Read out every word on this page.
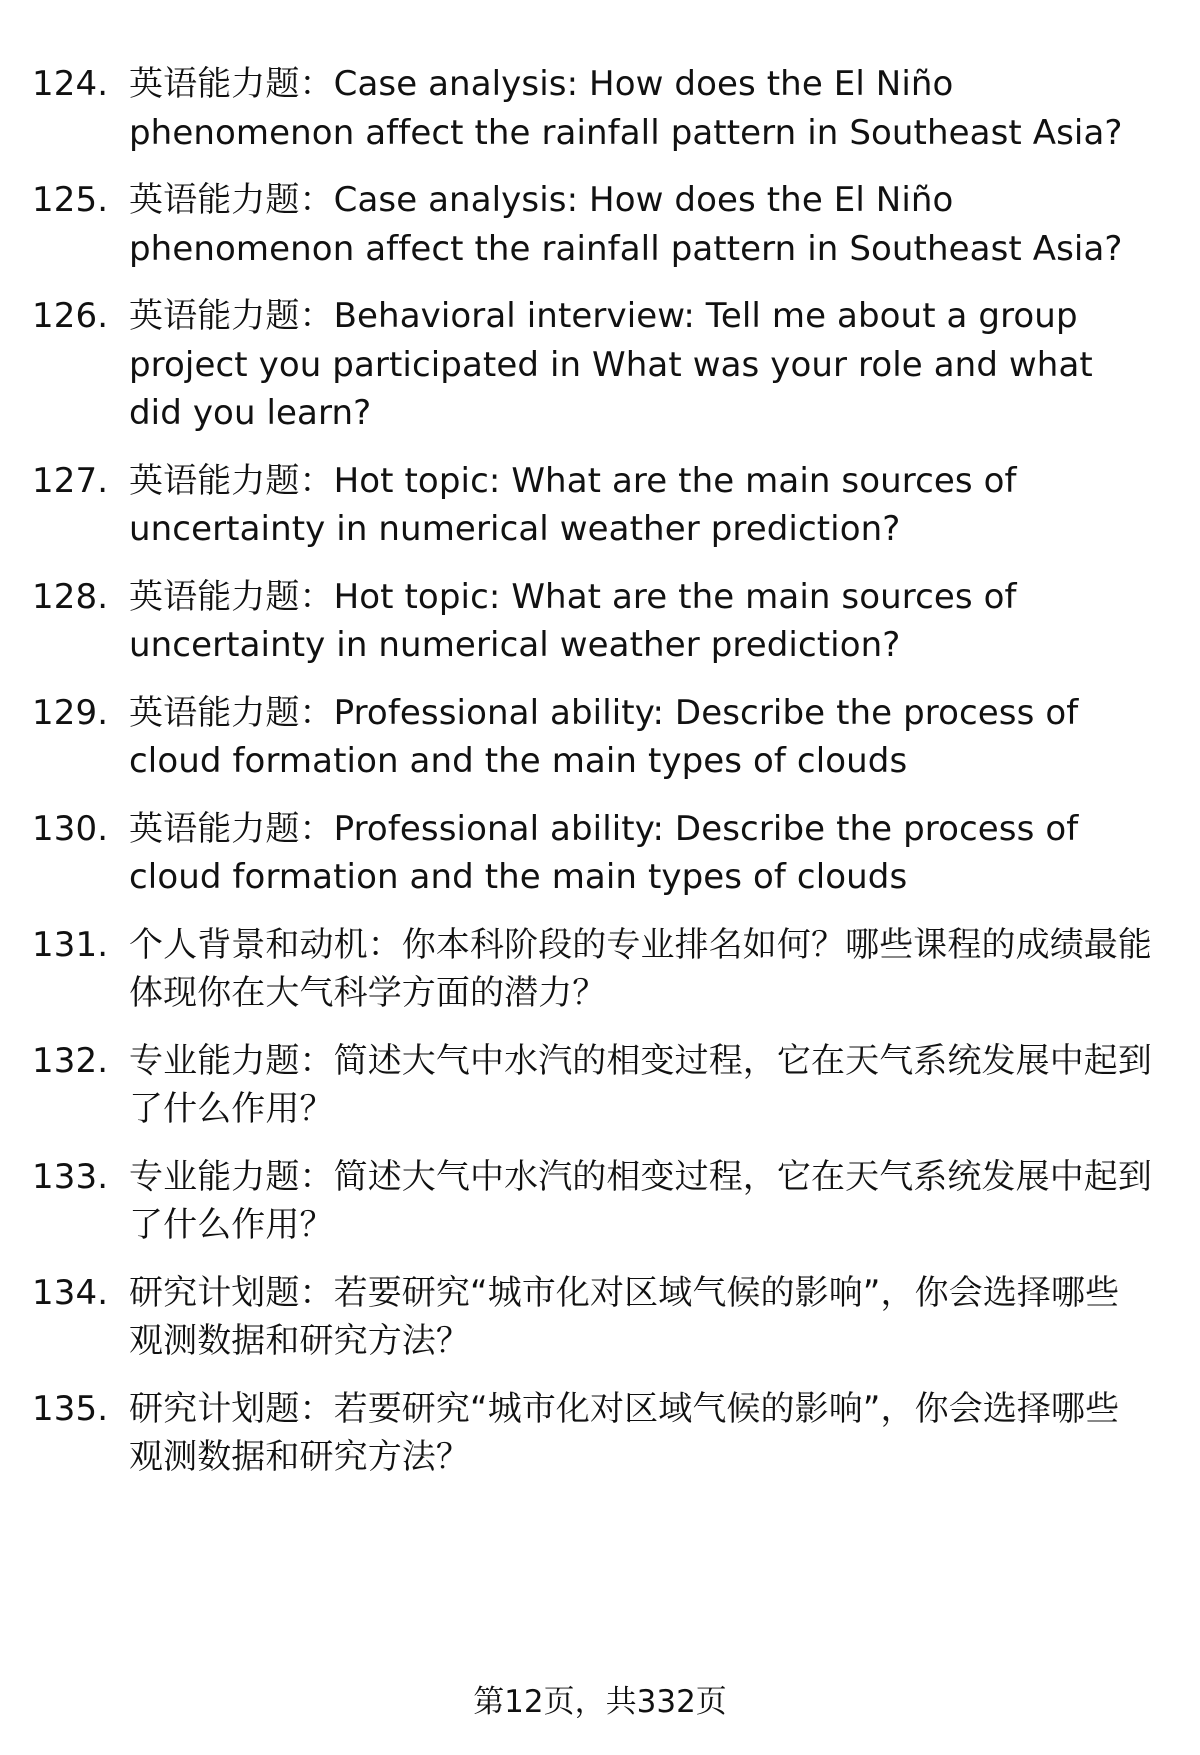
124. 英语能力题：Case analysis: How does the El Niño phenomenon affect the rainfall pattern in Southeast Asia?
125. 英语能力题：Case analysis: How does the El Niño phenomenon affect the rainfall pattern in Southeast Asia?
126. 英语能力题：Behavioral interview: Tell me about a group project you participated in What was your role and what did you learn?
127. 英语能力题：Hot topic: What are the main sources of uncertainty in numerical weather prediction?
128. 英语能力题：Hot topic: What are the main sources of uncertainty in numerical weather prediction?
129. 英语能力题：Professional ability: Describe the process of cloud formation and the main types of clouds
130. 英语能力题：Professional ability: Describe the process of cloud formation and the main types of clouds
131. 个人背景和动机：你本科阶段的专业排名如何？哪些课程的成绩最能体现你在大气科学方面的潜力？
132. 专业能力题：简述大气中水汽的相变过程，它在天气系统发展中起到了什么作用？
133. 专业能力题：简述大气中水汽的相变过程，它在天气系统发展中起到了什么作用？
134. 研究计划题：若要研究“城市化对区域气候的影响”，你会选择哪些观测数据和研究方法？
135. 研究计划题：若要研究“城市化对区域气候的影响”，你会选择哪些观测数据和研究方法？
第12页，共332页
